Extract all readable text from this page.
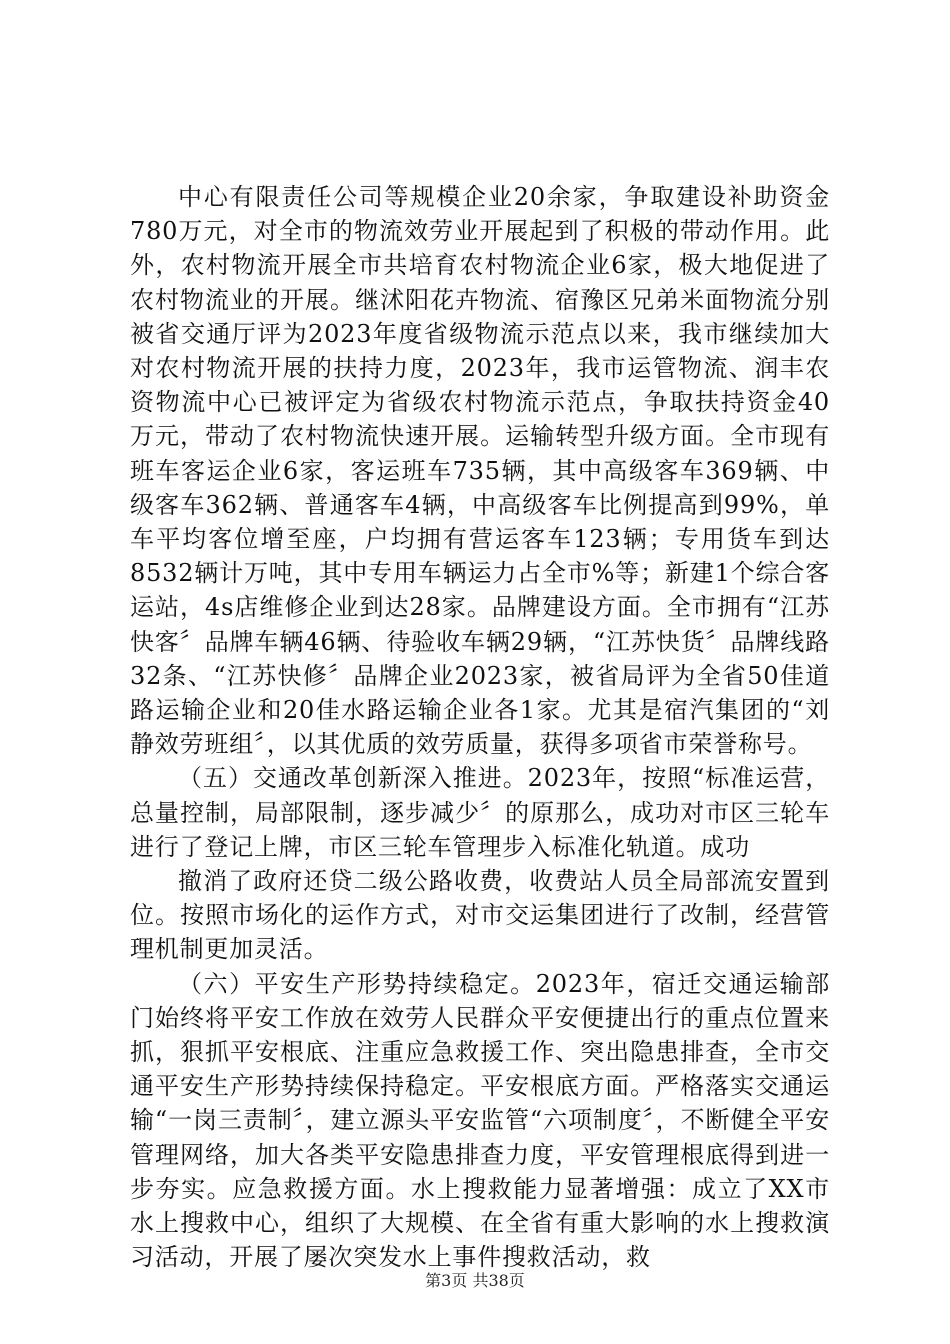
中心有限责任公司等规模企业20余家，争取建设补助资金780万元，对全市的物流效劳业开展起到了积极的带动作用。此外，农村物流开展全市共培育农村物流企业6家，极大地促进了农村物流业的开展。继沭阳花卉物流、宿豫区兄弟米面物流分别被省交通厅评为2023年度省级物流示范点以来，我市继续加大对农村物流开展的扶持力度，2023年，我市运管物流、润丰农资物流中心已被评定为省级农村物流示范点，争取扶持资金40万元，带动了农村物流快速开展。运输转型升级方面。全市现有班车客运企业6家，客运班车735辆，其中高级客车369辆、中级客车362辆、普通客车4辆，中高级客车比例提高到99%，单车平均客位增至座，户均拥有营运客车123辆；专用货车到达8532辆计万吨，其中专用车辆运力占全市%等；新建1个综合客运站，4s店维修企业到达28家。品牌建设方面。全市拥有“江苏快客〞品牌车辆46辆、待验收车辆29辆，“江苏快货〞品牌线路32条、“江苏快修〞品牌企业2023家，被省局评为全省50佳道路运输企业和20佳水路运输企业各1家。尤其是宿汽集团的“刘静效劳班组〞，以其优质的效劳质量，获得多项省市荣誉称号。

（五）交通改革创新深入推进。2023年，按照“标准运营，总量控制，局部限制，逐步减少〞的原那么，成功对市区三轮车进行了登记上牌，市区三轮车管理步入标准化轨道。成功

撤消了政府还贷二级公路收费，收费站人员全局部流安置到位。按照市场化的运作方式，对市交运集团进行了改制，经营管理机制更加灵活。

（六）平安生产形势持续稳定。2023年，宿迁交通运输部门始终将平安工作放在效劳人民群众平安便捷出行的重点位置来抓，狠抓平安根底、注重应急救援工作、突出隐患排查，全市交通平安生产形势持续保持稳定。平安根底方面。严格落实交通运输“一岗三责制〞，建立源头平安监管“六项制度〞，不断健全平安管理网络，加大各类平安隐患排查力度，平安管理根底得到进一步夯实。应急救援方面。水上搜救能力显著增强：成立了XX市水上搜救中心，组织了大规模、在全省有重大影响的水上搜救演习活动，开展了屡次突发水上事件搜救活动，救

第3页 共38页
